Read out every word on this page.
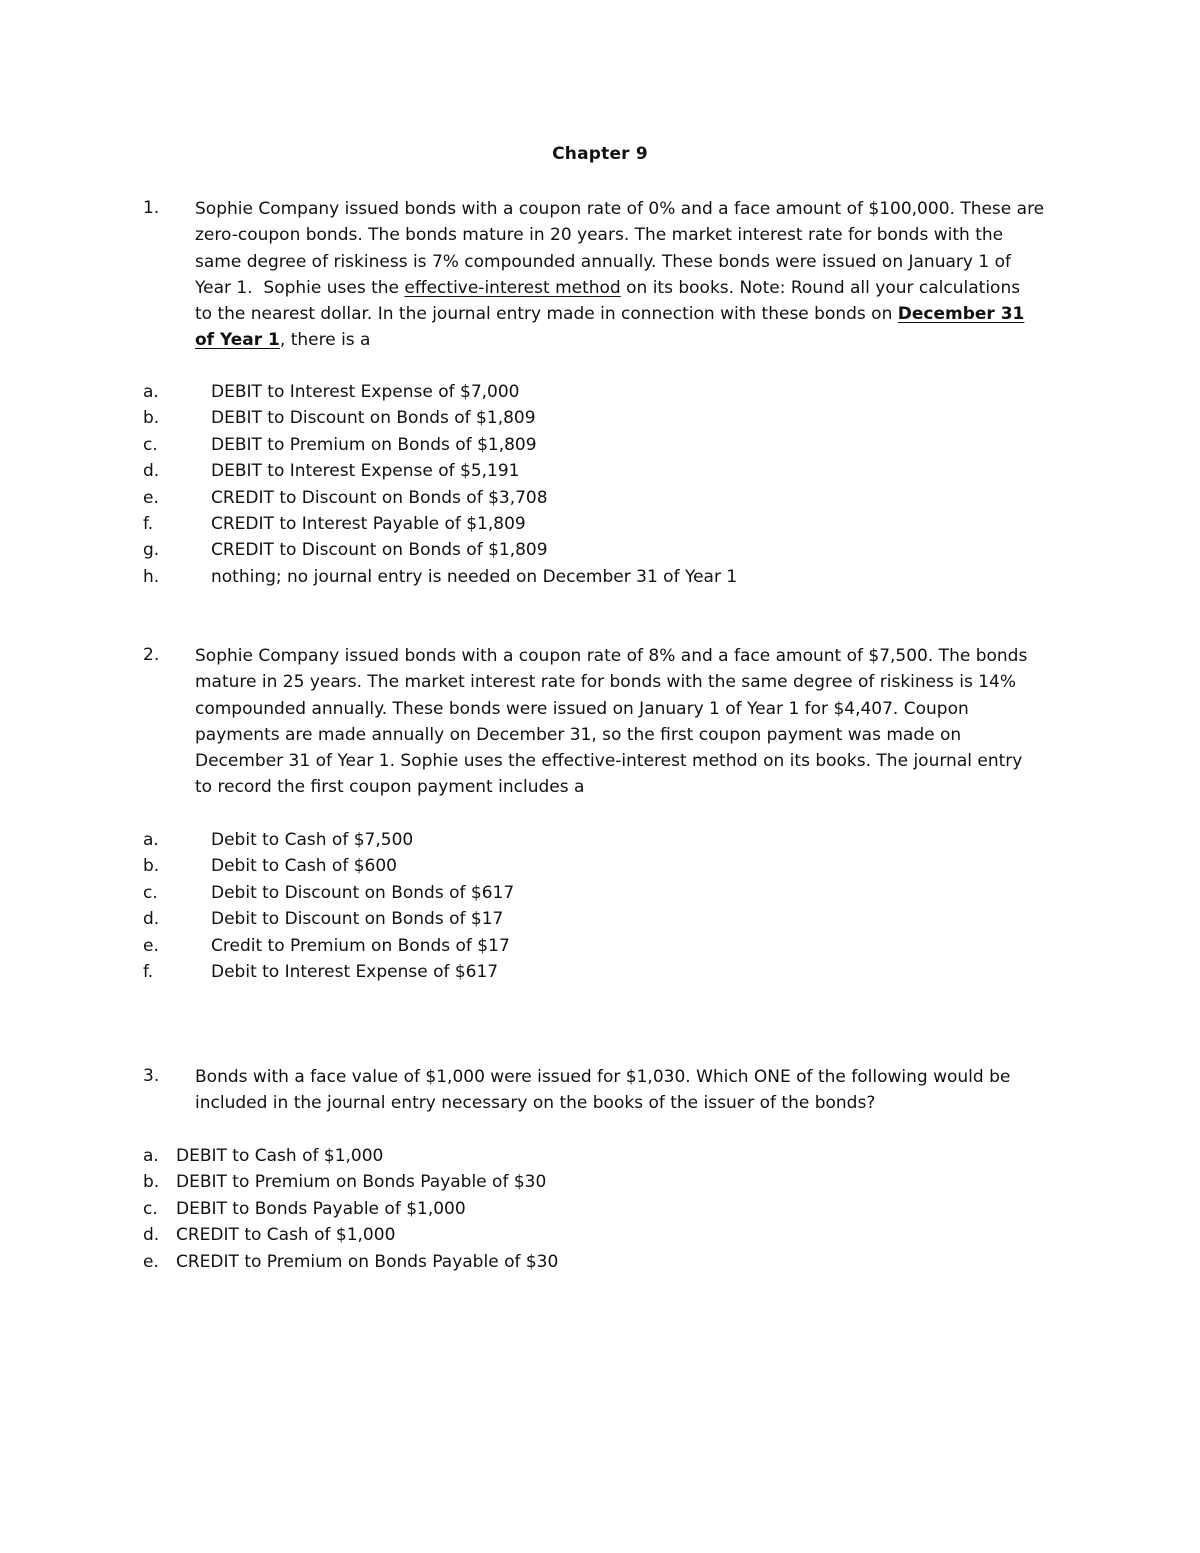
Chapter 9
1. Sophie Company issued bonds with a coupon rate of 0% and a face amount of $100,000. These are
zero-coupon bonds. The bonds mature in 20 years. The market interest rate for bonds with the
same degree of riskiness is 7% compounded annually. These bonds were issued on January 1 of
Year 1.  Sophie uses the effective-interest method on its books. Note: Round all your calculations
to the nearest dollar. In the journal entry made in connection with these bonds on December 31
of Year 1, there is a
a.	DEBIT to Interest Expense of $7,000
b.	DEBIT to Discount on Bonds of $1,809
c.	DEBIT to Premium on Bonds of $1,809
d.	DEBIT to Interest Expense of $5,191
e.	CREDIT to Discount on Bonds of $3,708
f.	CREDIT to Interest Payable of $1,809
g.	CREDIT to Discount on Bonds of $1,809
h.	nothing; no journal entry is needed on December 31 of Year 1
2. Sophie Company issued bonds with a coupon rate of 8% and a face amount of $7,500. The bonds
mature in 25 years. The market interest rate for bonds with the same degree of riskiness is 14%
compounded annually. These bonds were issued on January 1 of Year 1 for $4,407. Coupon
payments are made annually on December 31, so the first coupon payment was made on
December 31 of Year 1. Sophie uses the effective-interest method on its books. The journal entry
to record the first coupon payment includes a
a.	Debit to Cash of $7,500
b.	Debit to Cash of $600
c.	Debit to Discount on Bonds of $617
d.	Debit to Discount on Bonds of $17
e.	Credit to Premium on Bonds of $17
f.	Debit to Interest Expense of $617
3. Bonds with a face value of $1,000 were issued for $1,030. Which ONE of the following would be
included in the journal entry necessary on the books of the issuer of the bonds?
a. DEBIT to Cash of $1,000
b. DEBIT to Premium on Bonds Payable of $30
c. DEBIT to Bonds Payable of $1,000
d. CREDIT to Cash of $1,000
e. CREDIT to Premium on Bonds Payable of $30
